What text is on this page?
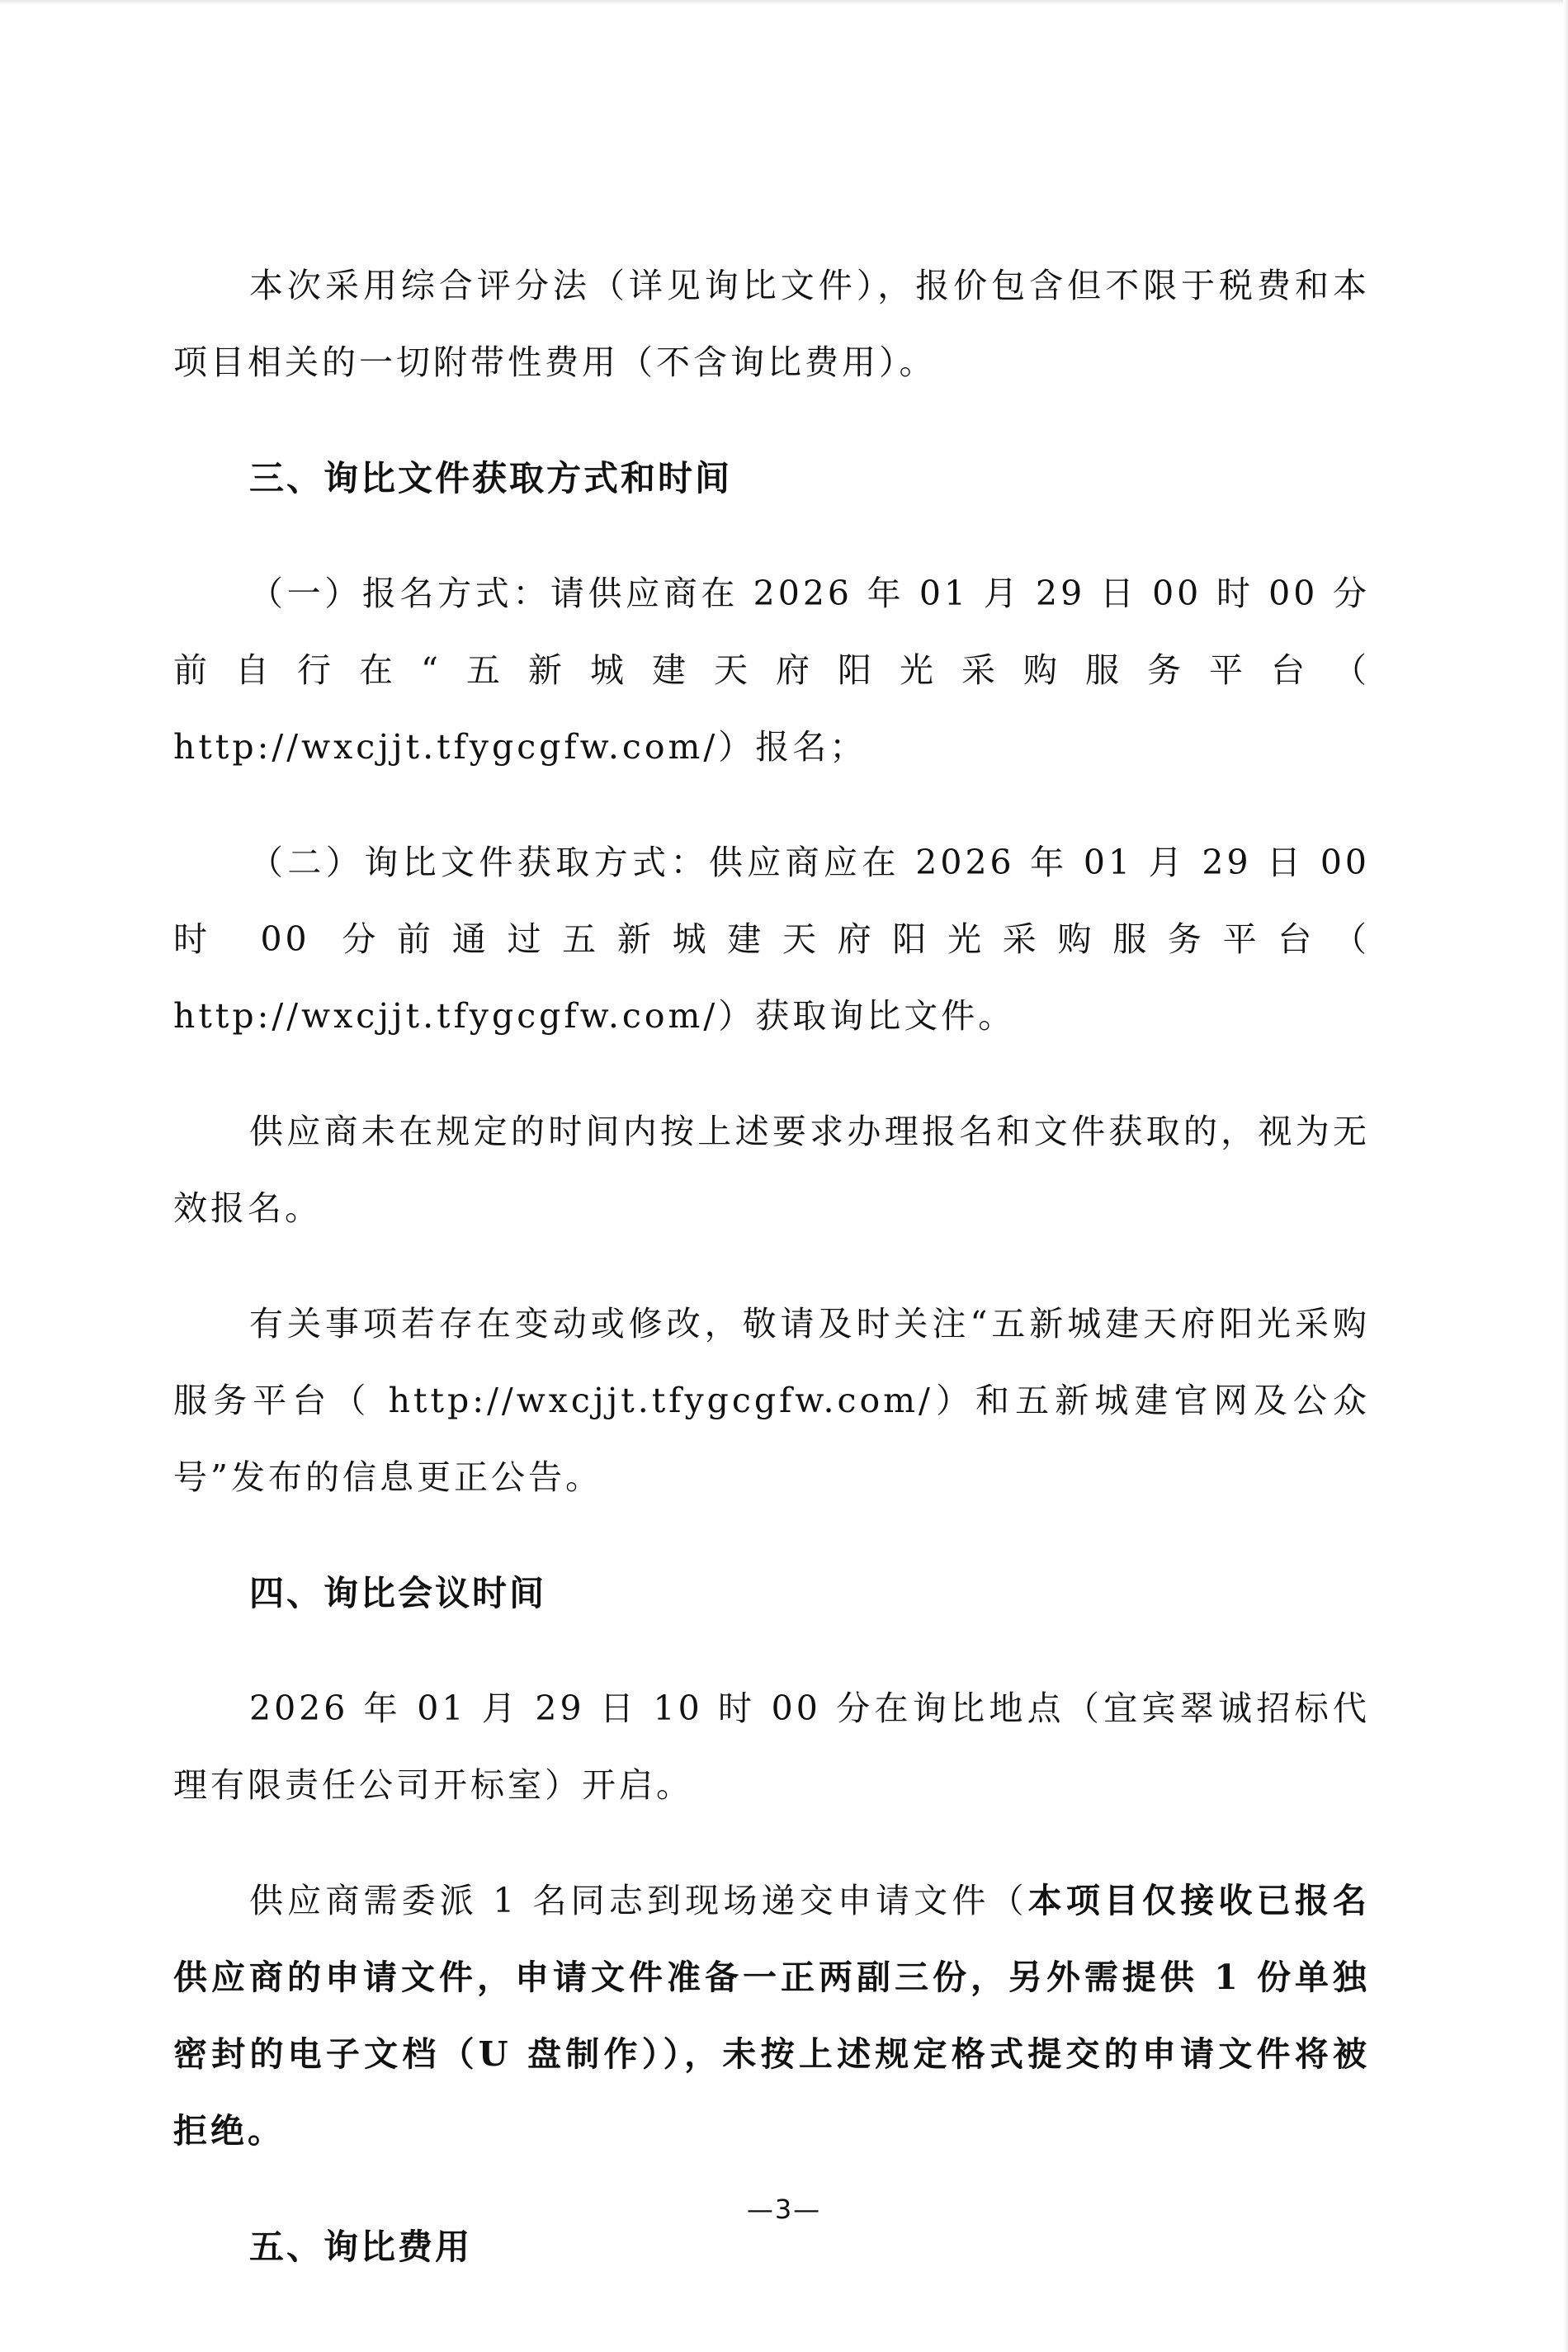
本次采用综合评分法（详见询比文件），报价包含但不限于税费和本项目相关的一切附带性费用（不含询比费用）。

三、询比文件获取方式和时间

（一）报名方式：请供应商在 2026 年 01 月 29 日 00 时 00 分前自行在“五新城建天府阳光采购服务平台（ http://wxcjjt.tfygcgfw.com/）报名；

（二）询比文件获取方式：供应商应在 2026 年 01 月 29 日 00 时 00 分前通过五新城建天府阳光采购服务平台（ http://wxcjjt.tfygcgfw.com/）获取询比文件。

供应商未在规定的时间内按上述要求办理报名和文件获取的，视为无效报名。

有关事项若存在变动或修改，敬请及时关注“五新城建天府阳光采购服务平台（ http://wxcjjt.tfygcgfw.com/）和五新城建官网及公众号”发布的信息更正公告。

四、询比会议时间

2026 年 01 月 29 日 10 时 00 分在询比地点（宜宾翠诚招标代理有限责任公司开标室）开启。

供应商需委派 1 名同志到现场递交申请文件（本项目仅接收已报名供应商的申请文件，申请文件准备一正两副三份，另外需提供 1 份单独密封的电子文档（U 盘制作）），未按上述规定格式提交的申请文件将被拒绝。

五、询比费用

—3—
